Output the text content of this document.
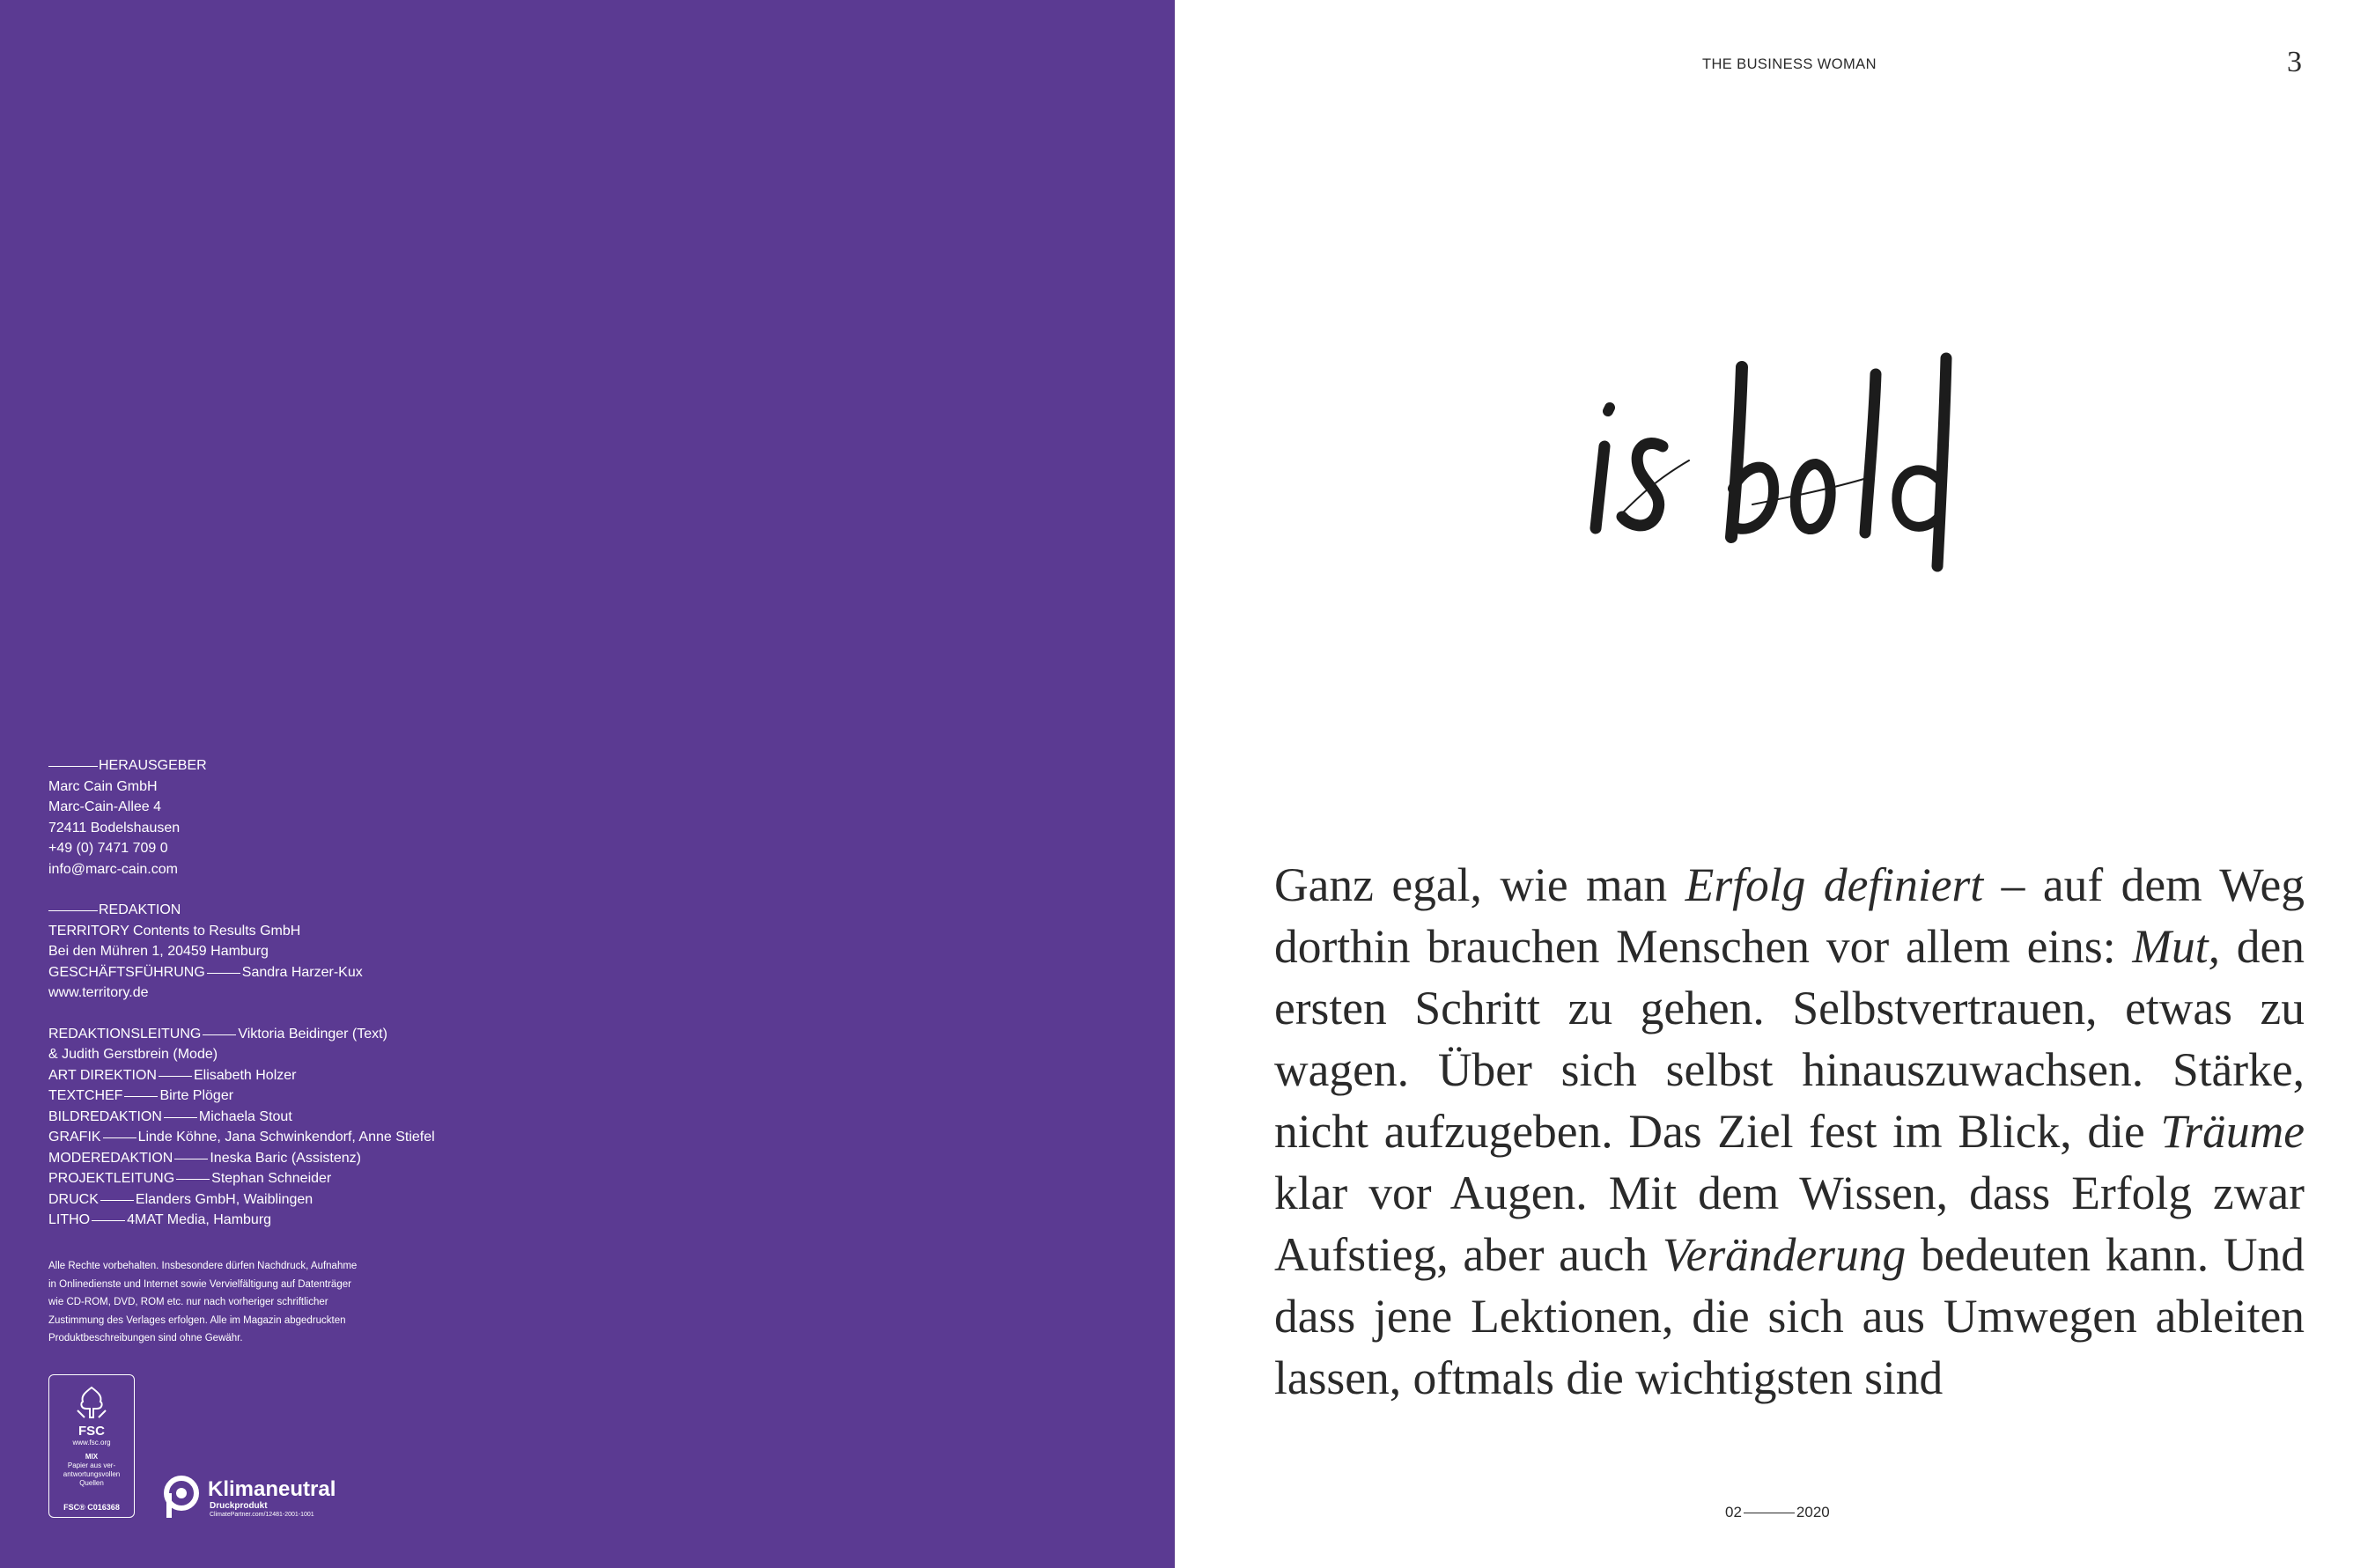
HERAUSGEBER
Marc Cain GmbH
Marc-Cain-Allee 4
72411 Bodelshausen
+49 (0) 7471 709 0
info@marc-cain.com
REDAKTION
TERRITORY Contents to Results GmbH
Bei den Mühren 1, 20459 Hamburg
GESCHÄFTSFÜHRUNG	Sandra Harzer-Kux
www.territory.de
REDAKTIONSLEITUNG	Viktoria Beidinger (Text)
& Judith Gerstbrein (Mode)
ART DIREKTION	Elisabeth Holzer
TEXTCHEF	Birte Plöger
BILDREDAKTION	Michaela Stout
GRAFIK	Linde Köhne, Jana Schwinkendorf, Anne Stiefel
MODEREDAKTION	Ineska Baric (Assistenz)
PROJEKTLEITUNG	Stephan Schneider
DRUCK	Elanders GmbH, Waiblingen
LITHO	4MAT Media, Hamburg
Alle Rechte vorbehalten. Insbesondere dürfen Nachdruck, Aufnahme
in Onlinedienste und Internet sowie Vervielfältigung auf Datenträger
wie CD-ROM, DVD, ROM etc. nur nach vorheriger schriftlicher
Zustimmung des Verlages erfolgen. Alle im Magazin abgedruckten
Produktbeschreibungen sind ohne Gewähr.
FSC
www.fsc.org
MIX
Papier aus ver-
antwortungsvollen
Quellen
FSC® C016368
Klimaneutral
Druckprodukt
ClimatePartner.com/12481-2001-1001
THE BUSINESS WOMAN	3

Ganz egal, wie man Erfolg definiert – auf dem Weg dorthin brauchen Menschen vor allem eins: Mut, den ersten Schritt zu gehen. Selbstvertrauen, etwas zu wagen. Über sich selbst hinauszuwachsen. Stärke, nicht aufzugeben. Das Ziel fest im Blick, die Träume klar vor Augen. Mit dem Wissen, dass Erfolg zwar Aufstieg, aber auch Veränderung bedeuten kann. Und dass jene Lektionen, die sich aus Umwegen ableiten lassen, oftmals die wichtigsten sind

02	2020
